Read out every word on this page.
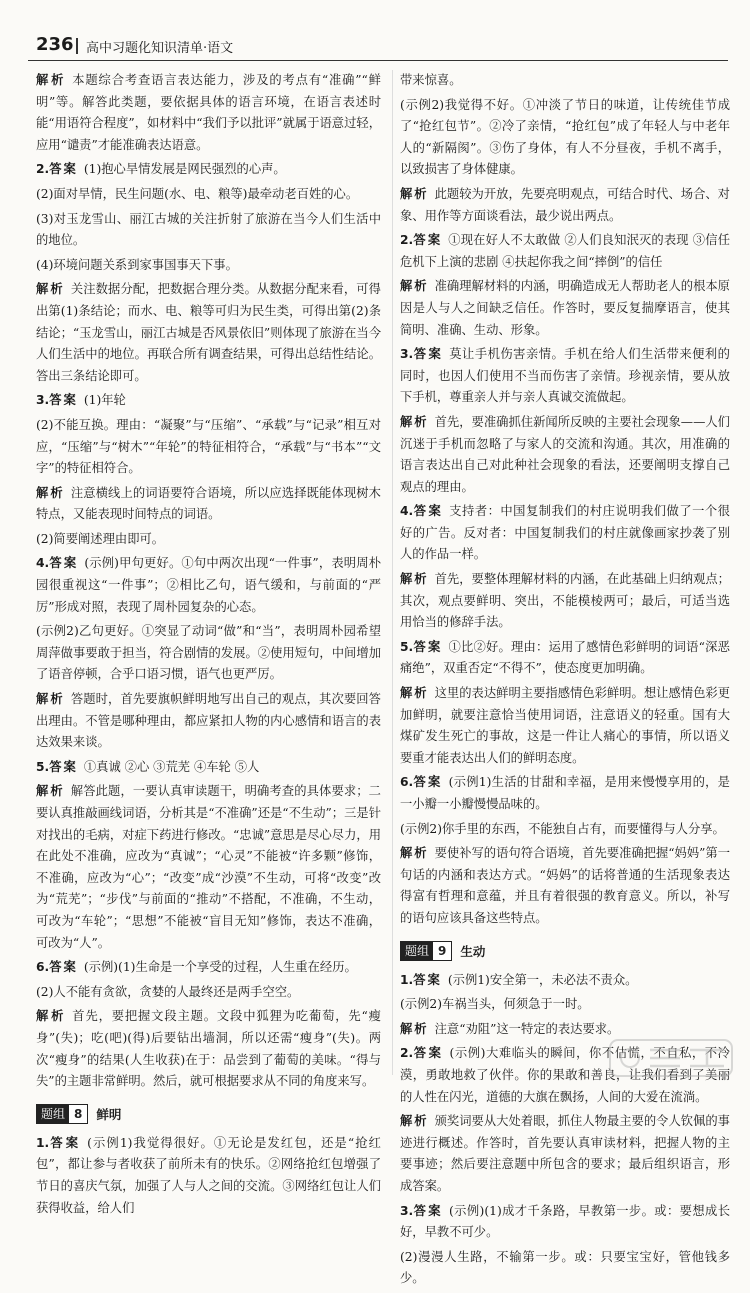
236 高中习题化知识清单·语文

解析 本题综合考查语言表达能力，涉及的考点有“准确”“鲜明”等。解答此类题，要依据具体的语言环境，在语言表述时能“用语符合程度”，如材料中“我们予以批评”就属于语意过轻，应用“谴责”才能准确表达语意。

2.答案 (1)抱心旱情发展是网民强烈的心声。

(2)面对旱情，民生问题(水、电、粮等)最牵动老百姓的心。

(3)对玉龙雪山、丽江古城的关注折射了旅游在当今人们生活中的地位。

(4)环境问题关系到家事国事天下事。

解析 关注数据分配，把数据合理分类。从数据分配来看，可得出第(1)条结论；而水、电、粮等可归为民生类，可得出第(2)条结论；“玉龙雪山，丽江古城是否风景依旧”则体现了旅游在当今人们生活中的地位。再联合所有调查结果，可得出总结性结论。答出三条结论即可。

3.答案 (1)年轮

(2)不能互换。理由：“凝聚”与“压缩”、“承载”与“记录”相互对应，“压缩”与“树木”“年轮”的特征相符合，“承载”与“书本”“文字”的特征相符合。

解析 注意横线上的词语要符合语境，所以应选择既能体现树木特点，又能表现时间特点的词语。

(2)简要阐述理由即可。

4.答案 (示例)甲句更好。①句中两次出现“一件事”，表明周朴园很重视这“一件事”；②相比乙句，语气缓和，与前面的“严厉”形成对照，表现了周朴园复杂的心态。

(示例2)乙句更好。①突显了动词“做”和“当”，表明周朴园希望周萍做事要敢于担当，符合剧情的发展。②使用短句，中间增加了语音停顿，合乎口语习惯，语气也更严厉。

解析 答题时，首先要旗帜鲜明地写出自己的观点，其次要回答出理由。不管是哪种理由，都应紧扣人物的内心感情和语言的表达效果来谈。

5.答案 ①真诚 ②心 ③荒芜 ④车轮 ⑤人

解析 解答此题，一要认真审读题干，明确考查的具体要求；二要认真推敲画线词语，分析其是“不准确”还是“不生动”；三是针对找出的毛病，对症下药进行修改。“忠诚”意思是尽心尽力，用在此处不准确，应改为“真诚”；“心灵”不能被“许多颗”修饰，不准确，应改为“心”；“改变”成“沙漠”不生动，可将“改变”改为“荒芜”；“步伐”与前面的“推动”不搭配，不准确，不生动，可改为“车轮”；“思想”不能被“盲目无知”修饰，表达不准确，可改为“人”。

6.答案 (示例)(1)生命是一个享受的过程，人生重在经历。

(2)人不能有贪欲，贪婪的人最终还是两手空空。

解析 首先，要把握文段主题。文段中狐狸为吃葡萄，先“瘦身”(失)；吃(吧)(得)后要钻出墙洞，所以还需“瘦身”(失)。两次“瘦身”的结果(人生收获)在于：品尝到了葡萄的美味。“得与失”的主题非常鲜明。然后，就可根据要求从不同的角度来写。

题组 8	鲜明

1.答案 (示例1)我觉得很好。①无论是发红包，还是“抢红包”，都让参与者收获了前所未有的快乐。②网络抢红包增强了节日的喜庆气氛，加强了人与人之间的交流。③网络红包让人们获得收益，给人们

带来惊喜。

(示例2)我觉得不好。①冲淡了节日的味道，让传统佳节成了“抢红包节”。②冷了亲情，“抢红包”成了年轻人与中老年人的“新隔阂”。③伤了身体，有人不分昼夜，手机不离手，以致损害了身体健康。

解析 此题较为开放，先要亮明观点，可结合时代、场合、对象、用作等方面谈看法，最少说出两点。

2.答案 ①现在好人不太敢做 ②人们良知泯灭的表现 ③信任危机下上演的悲剧 ④扶起你我之间“摔倒”的信任

解析 准确理解材料的内涵，明确造成无人帮助老人的根本原因是人与人之间缺乏信任。作答时，要反复揣摩语言，使其简明、准确、生动、形象。

3.答案 莫让手机伤害亲情。手机在给人们生活带来便利的同时，也因人们使用不当而伤害了亲情。珍视亲情，要从放下手机，尊重亲人并与亲人真诚交流做起。

解析 首先，要准确抓住新闻所反映的主要社会现象——人们沉迷于手机而忽略了与家人的交流和沟通。其次，用准确的语言表达出自己对此种社会现象的看法，还要阐明支撑自己观点的理由。

4.答案 支持者：中国复制我们的村庄说明我们做了一个很好的广告。反对者：中国复制我们的村庄就像画家抄袭了别人的作品一样。

解析 首先，要整体理解材料的内涵，在此基础上归纳观点；其次，观点要鲜明、突出，不能模棱两可；最后，可适当选用恰当的修辞手法。

5.答案 ①比②好。理由：运用了感情色彩鲜明的词语“深恶痛绝”，双重否定“不得不”，使态度更加明确。

解析 这里的表达鲜明主要指感情色彩鲜明。想让感情色彩更加鲜明，就要注意恰当使用词语，注意语义的轻重。国有大煤矿发生死亡的事故，这是一件让人痛心的事情，所以语义要重才能表达出人们的鲜明态度。

6.答案 (示例1)生活的甘甜和幸福，是用来慢慢享用的，是一小瓣一小瓣慢慢品味的。

(示例2)你手里的东西，不能独自占有，而要懂得与人分享。

解析 要使补写的语句符合语境，首先要准确把握“妈妈”第一句话的内涵和表达方式。“妈妈”的话将普通的生活现象表达得富有哲理和意蕴，并且有着很强的教育意义。所以，补写的语句应该具备这些特点。

题组 9	生动

1.答案 (示例1)安全第一，未必法不责众。

(示例2)车祸当头，何须急于一时。

解析 注意“劝阻”这一特定的表达要求。

2.答案 (示例)大难临头的瞬间，你不估慌，不自私，不冷漠，勇敢地救了伙伴。你的果敢和善良，让我们看到了美丽的人性在闪光，道德的大旗在飘扬，人间的大爱在流淌。

解析 颁奖词要从大处着眼，抓住人物最主要的令人钦佩的事迹进行概述。作答时，首先要认真审读材料，把握人物的主要事迹；然后要注意题中所包含的要求；最后组织语言，形成答案。

3.答案 (示例)(1)成才千条路，早教第一步。或：要想成长好，早教不可少。

(2)漫漫人生路，不输第一步。或：只要宝宝好，管他钱多少。
